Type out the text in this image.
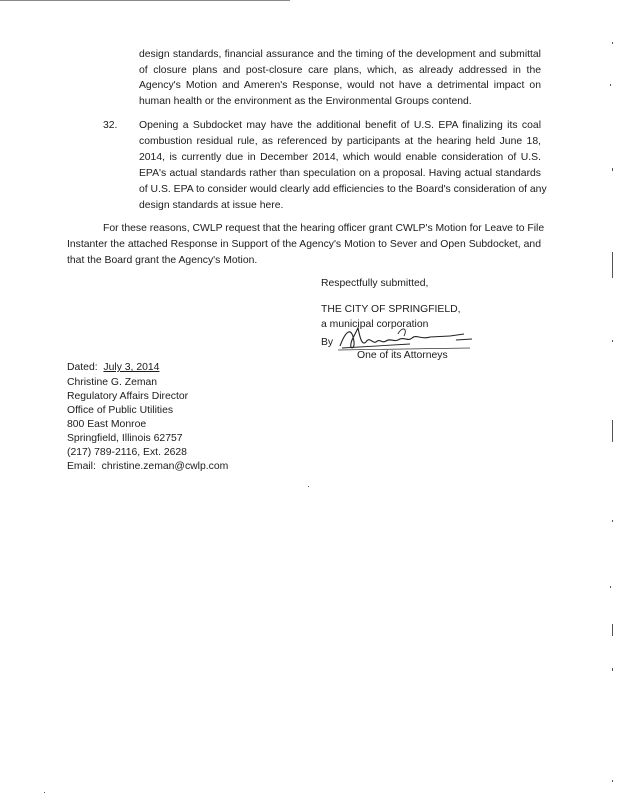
design standards, financial assurance and the timing of the development and submittal
of closure plans and post-closure care plans, which, as already addressed in the
Agency's Motion and Ameren's Response, would not have a detrimental impact on
human health or the environment as the Environmental Groups contend.
32. Opening a Subdocket may have the additional benefit of U.S. EPA finalizing its coal
combustion residual rule, as referenced by participants at the hearing held June 18,
2014, is currently due in December 2014, which would enable consideration of U.S.
EPA's actual standards rather than speculation on a proposal. Having actual standards
of U.S. EPA to consider would clearly add efficiencies to the Board's consideration of any
design standards at issue here.
For these reasons, CWLP request that the hearing officer grant CWLP's Motion for Leave to File
Instanter the attached Response in Support of the Agency's Motion to Sever and Open Subdocket, and
that the Board grant the Agency's Motion.
Respectfully submitted,
THE CITY OF SPRINGFIELD,
a municipal corporation
By
One of its Attorneys
Dated: July 3, 2014
Christine G. Zeman
Regulatory Affairs Director
Office of Public Utilities
800 East Monroe
Springfield, Illinois 62757
(217) 789-2116, Ext. 2628
Email: christine.zeman@cwlp.com
